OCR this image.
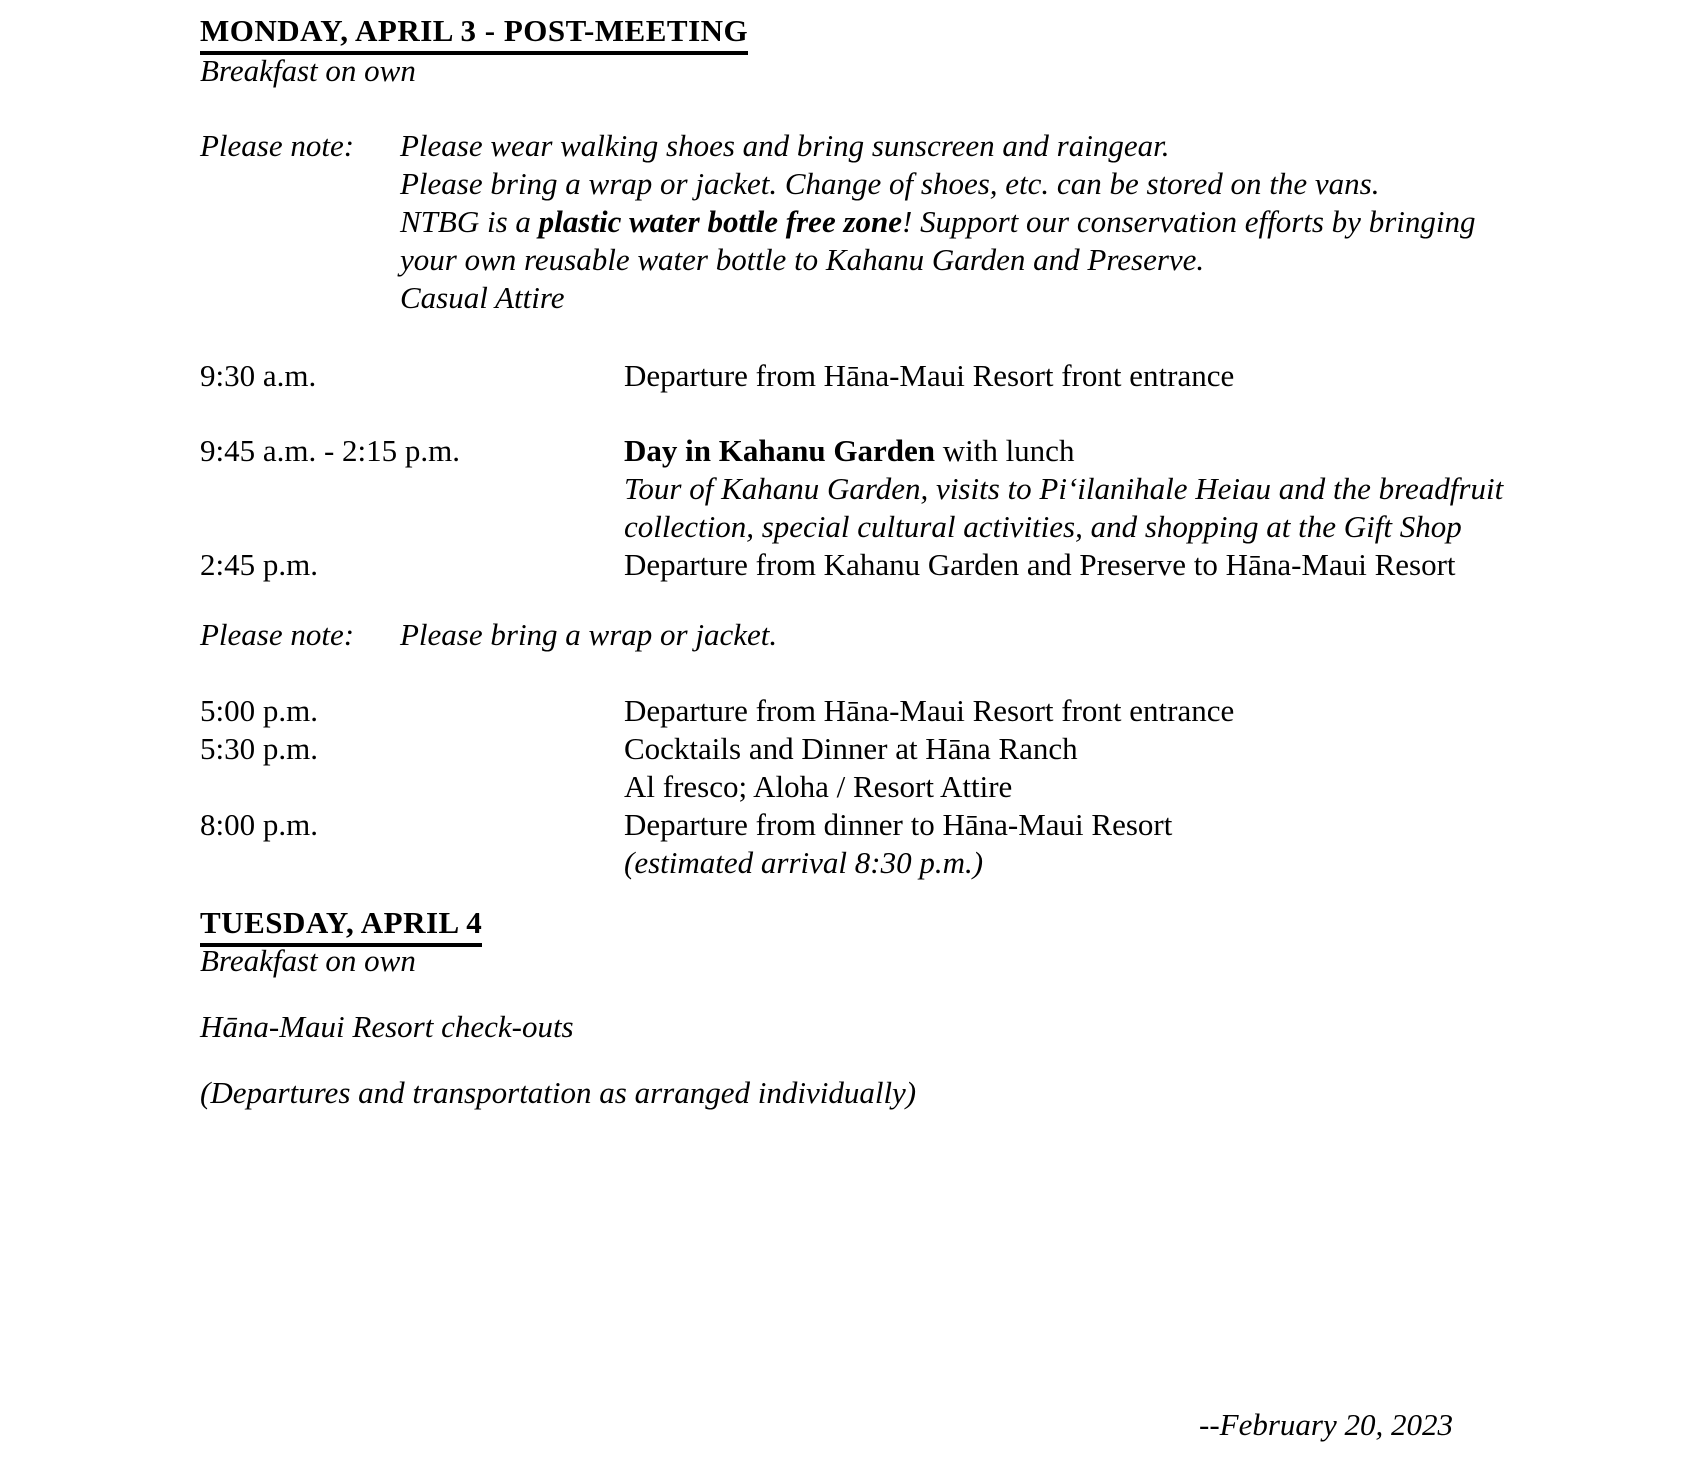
MONDAY, APRIL 3 - POST-MEETING
Breakfast on own
Please note: Please wear walking shoes and bring sunscreen and raingear.
Please bring a wrap or jacket. Change of shoes, etc. can be stored on the vans.
NTBG is a plastic water bottle free zone! Support our conservation efforts by bringing
your own reusable water bottle to Kahanu Garden and Preserve.
Casual Attire
9:30 a.m.	Departure from Hāna-Maui Resort front entrance
9:45 a.m. - 2:15 p.m.	Day in Kahanu Garden with lunch
Tour of Kahanu Garden, visits to Piʻilanihale Heiau and the breadfruit
collection, special cultural activities, and shopping at the Gift Shop
2:45 p.m.	Departure from Kahanu Garden and Preserve to Hāna-Maui Resort
Please note: Please bring a wrap or jacket.
5:00 p.m.	Departure from Hāna-Maui Resort front entrance
5:30 p.m.	Cocktails and Dinner at Hāna Ranch
Al fresco; Aloha / Resort Attire
8:00 p.m.	Departure from dinner to Hāna-Maui Resort
(estimated arrival 8:30 p.m.)
TUESDAY, APRIL 4
Breakfast on own
Hāna-Maui Resort check-outs
(Departures and transportation as arranged individually)
--February 20, 2023
